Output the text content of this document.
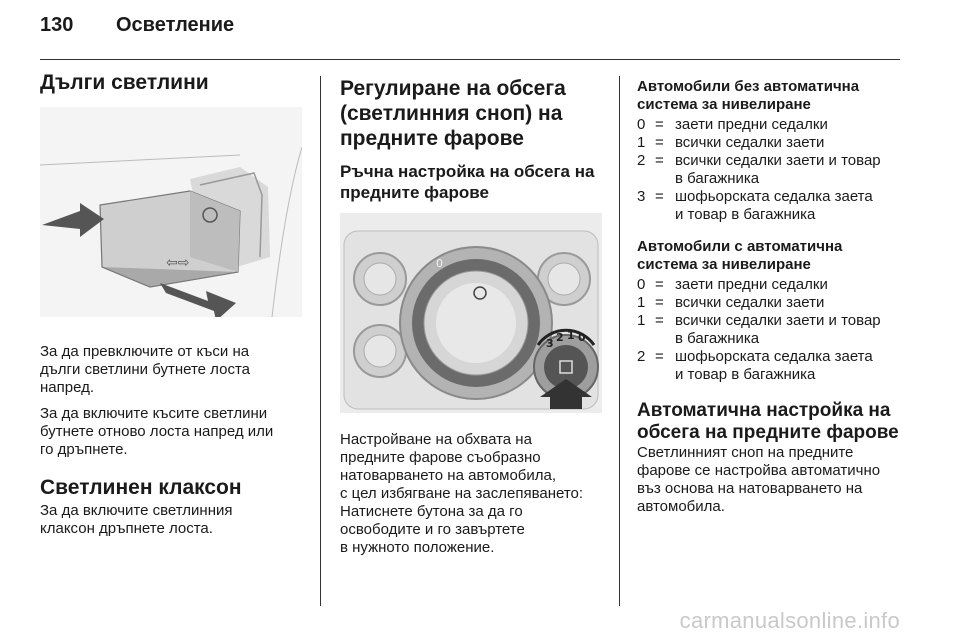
130 Осветление
Дълги светлини
⇦⇨
За да превключите от къси на
дълги светлини бутнете лоста
напред.
За да включите късите светлини
бутнете отново лоста напред или
го дръпнете.
Светлинен клаксон
За да включите светлинния
клаксон дръпнете лоста.
Регулиране на обсега
(светлинния сноп) на
предните фарове
Ръчна настройка на обсега на
предните фарове
0
3 2 1 0
Настройване на обхвата на
предните фарове съобразно
натоварването на автомобила,
с цел избягване на заслепяването:
Натиснете бутона за да го
освободите и го завъртете
в нужното положение.
Автомобили без автоматична
система за нивелиране
0 = заети предни седалки
1 = всички седалки заети
2 = всички седалки заети и товар
в багажника
3 = шофьорската седалка заета
и товар в багажника
Автомобили с автоматична
система за нивелиране
0 = заети предни седалки
1 = всички седалки заети
1 = всички седалки заети и товар
в багажника
2 = шофьорската седалка заета
и товар в багажника
Автоматична настройка на
обсега на предните фарове
Светлинният сноп на предните
фарове се настройва автоматично
въз основа на натоварването на
автомобила.
carmanualsonline.info
